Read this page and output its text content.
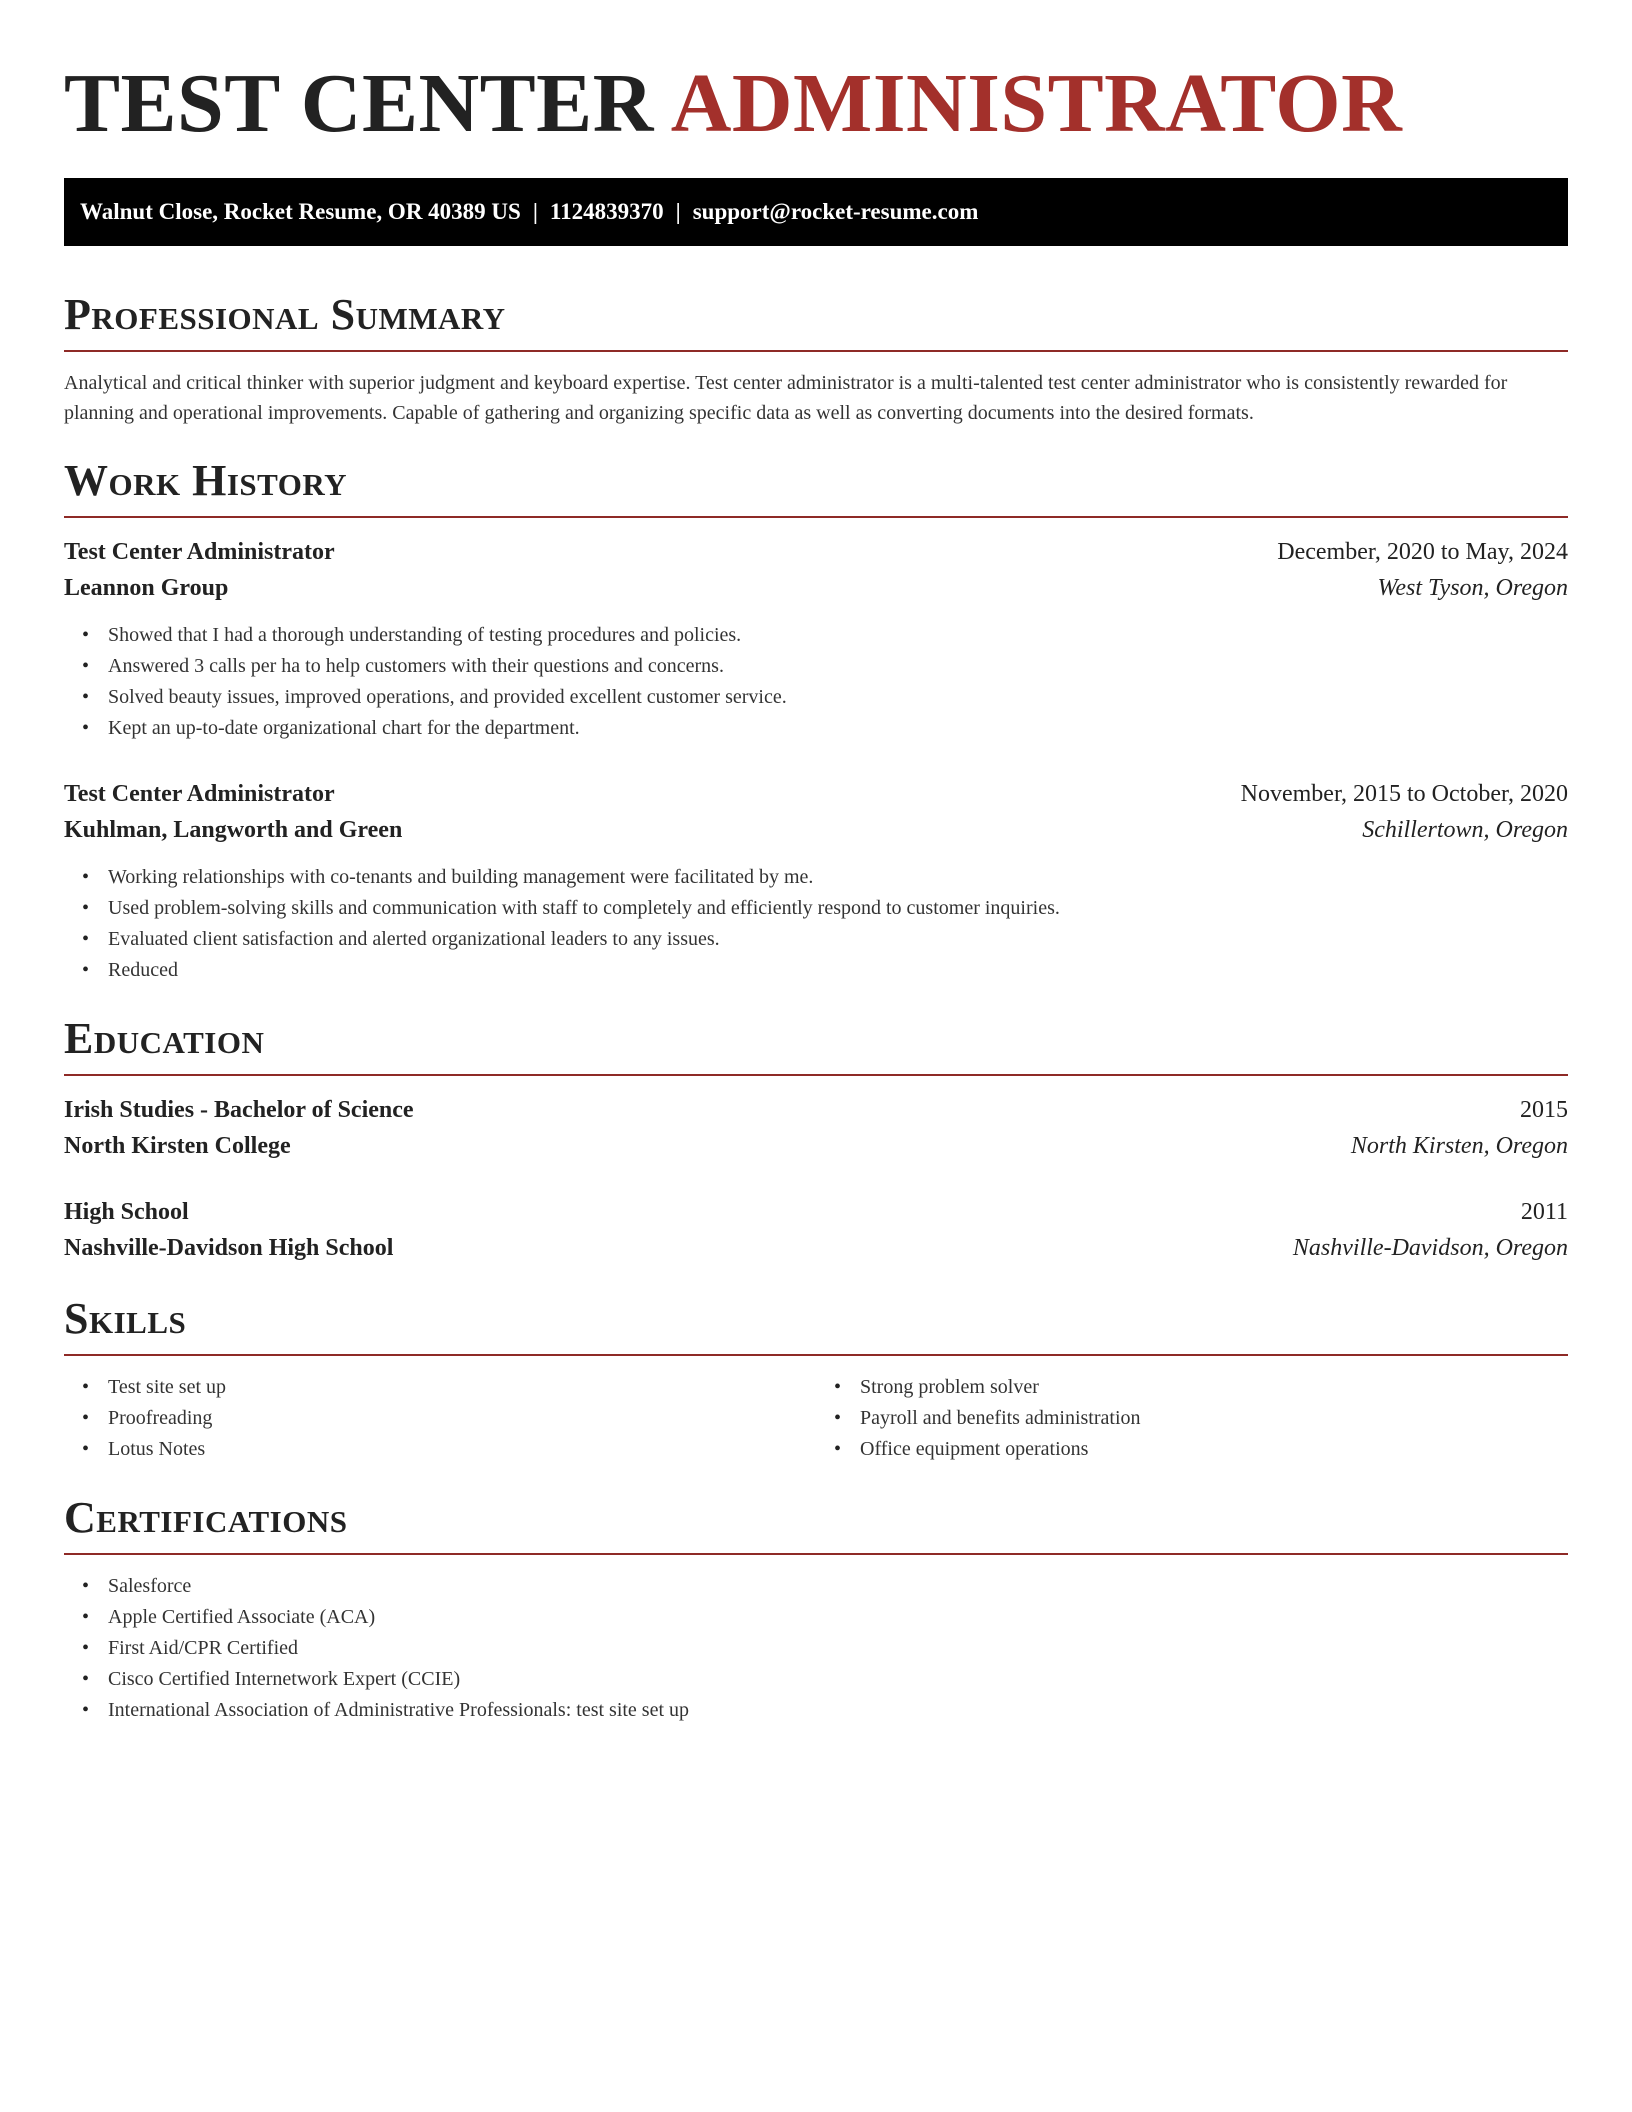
TEST CENTER ADMINISTRATOR
Walnut Close, Rocket Resume, OR 40389 US | 1124839370 | support@rocket-resume.com
Professional Summary

Analytical and critical thinker with superior judgment and keyboard expertise. Test center administrator is a multi-talented test center administrator who is consistently rewarded for planning and operational improvements. Capable of gathering and organizing specific data as well as converting documents into the desired formats.

Work History
Test Center Administrator	December, 2020 to May, 2024
Leannon Group	West Tyson, Oregon
• Showed that I had a thorough understanding of testing procedures and policies.
• Answered 3 calls per ha to help customers with their questions and concerns.
• Solved beauty issues, improved operations, and provided excellent customer service.
• Kept an up-to-date organizational chart for the department.
Test Center Administrator	November, 2015 to October, 2020
Kuhlman, Langworth and Green	Schillertown, Oregon
• Working relationships with co-tenants and building management were facilitated by me.
• Used problem-solving skills and communication with staff to completely and efficiently respond to customer inquiries.
• Evaluated client satisfaction and alerted organizational leaders to any issues.
• Reduced
Education
Irish Studies - Bachelor of Science	2015
North Kirsten College	North Kirsten, Oregon
High School	2011
Nashville-Davidson High School	Nashville-Davidson, Oregon
Skills
• Test site set up
• Proofreading
• Lotus Notes
• Strong problem solver
• Payroll and benefits administration
• Office equipment operations
Certifications
• Salesforce
• Apple Certified Associate (ACA)
• First Aid/CPR Certified
• Cisco Certified Internetwork Expert (CCIE)
• International Association of Administrative Professionals: test site set up
